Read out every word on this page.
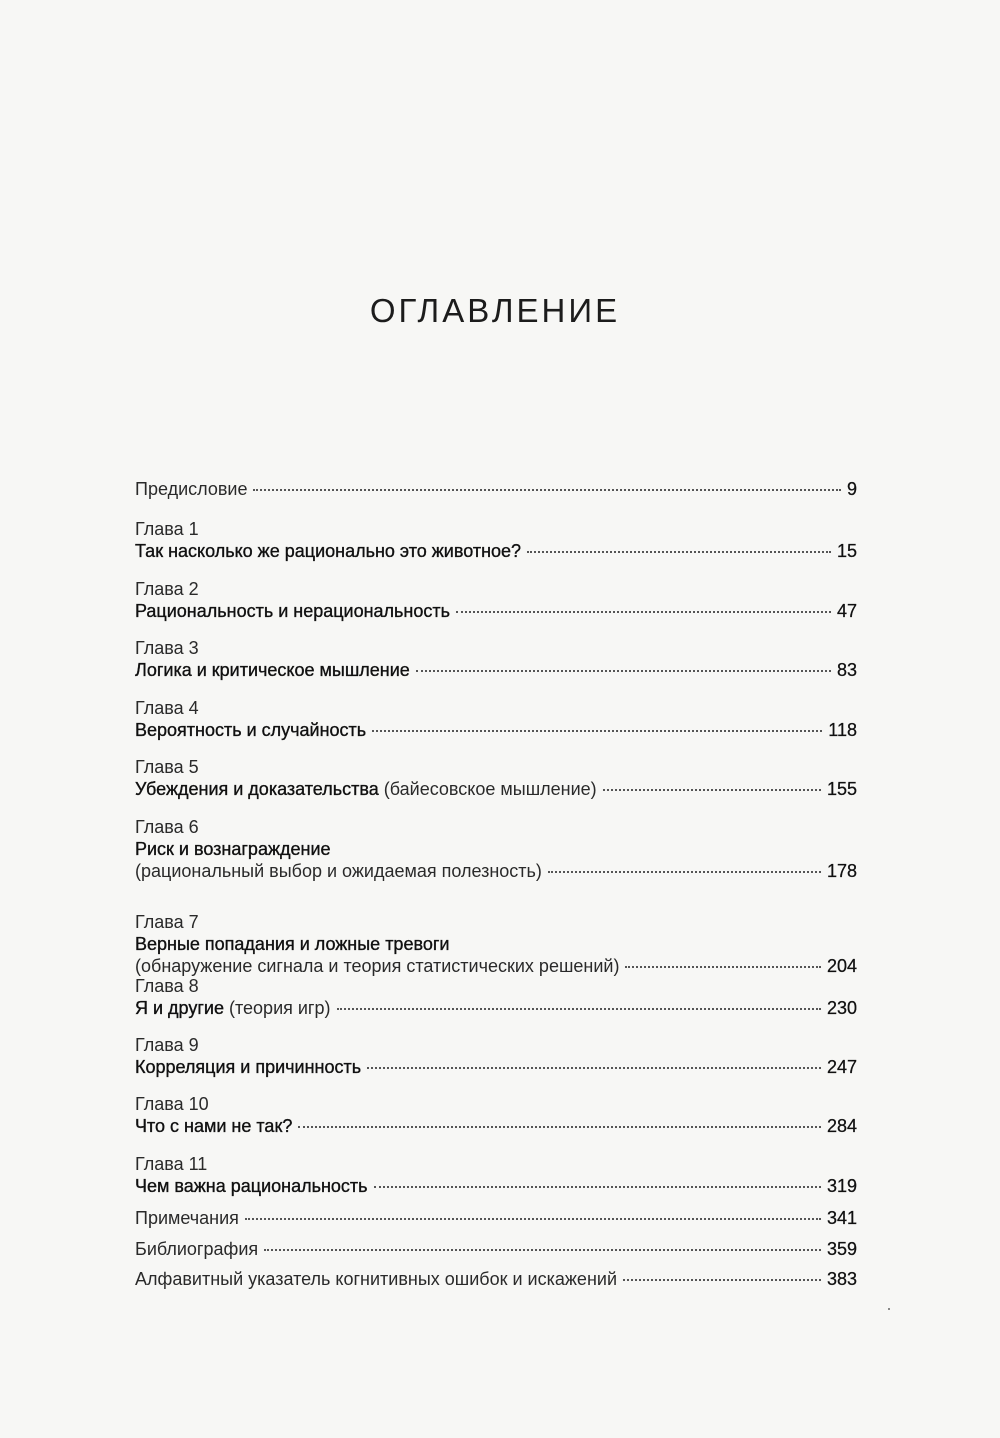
ОГЛАВЛЕНИЕ
Предисловие	9
Глава 1
Так насколько же рационально это животное?	15
Глава 2
Рациональность и нерациональность	47
Глава 3
Логика и критическое мышление	83
Глава 4
Вероятность и случайность	118
Глава 5
Убеждения и доказательства (байесовское мышление)	155
Глава 6
Риск и вознаграждение
(рациональный выбор и ожидаемая полезность)	178
Глава 7
Верные попадания и ложные тревоги
(обнаружение сигнала и теория статистических решений)	204
Глава 8
Я и другие (теория игр)	230
Глава 9
Корреляция и причинность	247
Глава 10
Что с нами не так?	284
Глава 11
Чем важна рациональность	319
Примечания	341
Библиография	359
Алфавитный указатель когнитивных ошибок и искажений	383
